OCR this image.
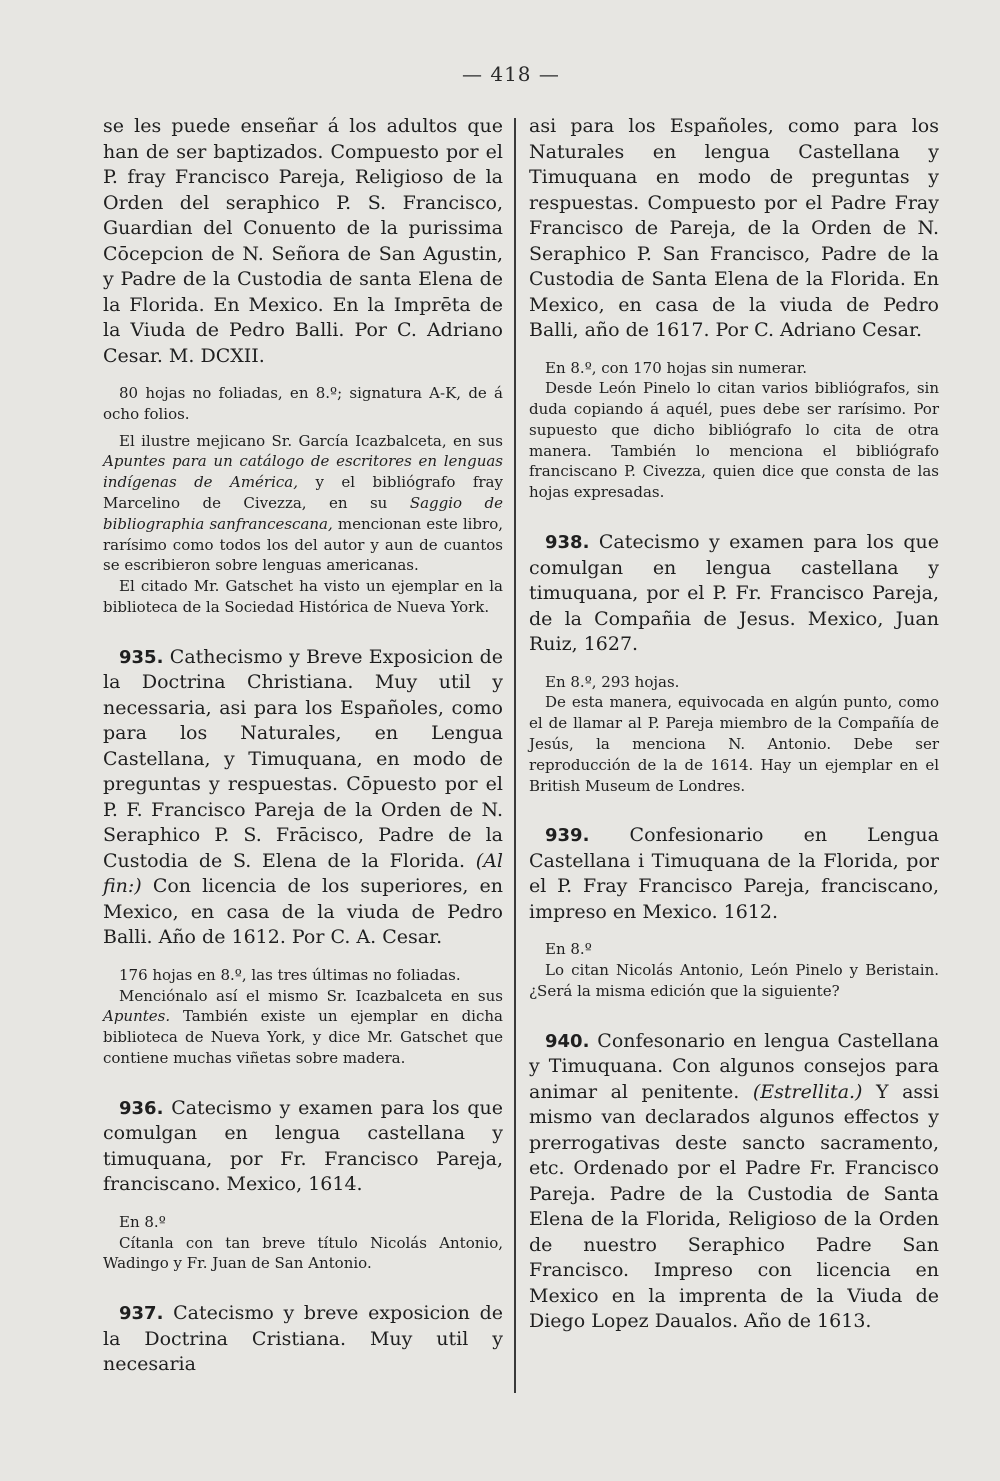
— 418 —

se les puede enseñar á los adultos que han de ser baptizados. Compuesto por el P. fray Francisco Pareja, Religioso de la Orden del seraphico P. S. Francisco, Guardian del Conuento de la purissima Cōcepcion de N. Señora de San Agustin, y Padre de la Custodia de santa Elena de la Florida. En Mexico. En la Imprēta de la Viuda de Pedro Balli. Por C. Adriano Cesar. M. DCXII.

80 hojas no foliadas, en 8.º; signatura A-K, de á ocho folios.

El ilustre mejicano Sr. García Icazbalceta, en sus Apuntes para un catálogo de escritores en lenguas indígenas de América, y el bibliógrafo fray Marcelino de Civezza, en su Saggio de bibliographia sanfrancescana, mencionan este libro, rarísimo como todos los del autor y aun de cuantos se escribieron sobre lenguas americanas.

El citado Mr. Gatschet ha visto un ejemplar en la biblioteca de la Sociedad Histórica de Nueva York.

935. Cathecismo y Breve Exposicion de la Doctrina Christiana. Muy util y necessaria, asi para los Españoles, como para los Naturales, en Lengua Castellana, y Timuquana, en modo de preguntas y respuestas. Cōpuesto por el P. F. Francisco Pareja de la Orden de N. Seraphico P. S. Frācisco, Padre de la Custodia de S. Elena de la Florida. (Al fin:) Con licencia de los superiores, en Mexico, en casa de la viuda de Pedro Balli. Año de 1612. Por C. A. Cesar.

176 hojas en 8.º, las tres últimas no foliadas.

Menciónalo así el mismo Sr. Icazbalceta en sus Apuntes. También existe un ejemplar en dicha biblioteca de Nueva York, y dice Mr. Gatschet que contiene muchas viñetas sobre madera.

936. Catecismo y examen para los que comulgan en lengua castellana y timuquana, por Fr. Francisco Pareja, franciscano. Mexico, 1614.

En 8.º

Cítanla con tan breve título Nicolás Antonio, Wadingo y Fr. Juan de San Antonio.

937. Catecismo y breve exposicion de la Doctrina Cristiana. Muy util y necesaria

asi para los Españoles, como para los Naturales en lengua Castellana y Timuquana en modo de preguntas y respuestas. Compuesto por el Padre Fray Francisco de Pareja, de la Orden de N. Seraphico P. San Francisco, Padre de la Custodia de Santa Elena de la Florida. En Mexico, en casa de la viuda de Pedro Balli, año de 1617. Por C. Adriano Cesar.

En 8.º, con 170 hojas sin numerar.

Desde León Pinelo lo citan varios bibliógrafos, sin duda copiando á aquél, pues debe ser rarísimo. Por supuesto que dicho bibliógrafo lo cita de otra manera. También lo menciona el bibliógrafo franciscano P. Civezza, quien dice que consta de las hojas expresadas.

938. Catecismo y examen para los que comulgan en lengua castellana y timuquana, por el P. Fr. Francisco Pareja, de la Compañia de Jesus. Mexico, Juan Ruiz, 1627.

En 8.º, 293 hojas.

De esta manera, equivocada en algún punto, como el de llamar al P. Pareja miembro de la Compañía de Jesús, la menciona N. Antonio. Debe ser reproducción de la de 1614. Hay un ejemplar en el British Museum de Londres.

939. Confesionario en Lengua Castellana i Timuquana de la Florida, por el P. Fray Francisco Pareja, franciscano, impreso en Mexico. 1612.

En 8.º

Lo citan Nicolás Antonio, León Pinelo y Beristain. ¿Será la misma edición que la siguiente?

940. Confesonario en lengua Castellana y Timuquana. Con algunos consejos para animar al penitente. (Estrellita.) Y assi mismo van declarados algunos effectos y prerrogativas deste sancto sacramento, etc. Ordenado por el Padre Fr. Francisco Pareja. Padre de la Custodia de Santa Elena de la Florida, Religioso de la Orden de nuestro Seraphico Padre San Francisco. Impreso con licencia en Mexico en la imprenta de la Viuda de Diego Lopez Daualos. Año de 1613.
